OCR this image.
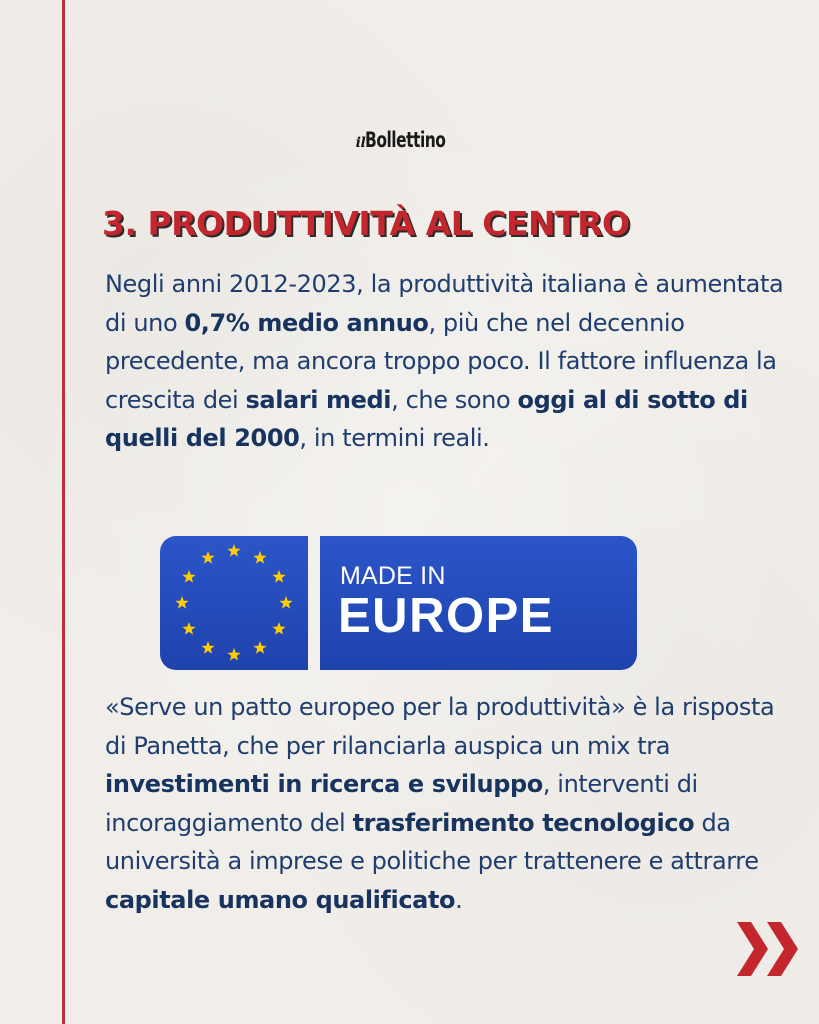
ilBollettino
3. PRODUTTIVITÀ AL CENTRO

Negli anni 2012-2023, la produttività italiana è aumentata di uno 0,7% medio annuo, più che nel decennio precedente, ma ancora troppo poco. Il fattore influenza la crescita dei salari medi, che sono oggi al di sotto di quelli del 2000, in termini reali.

MADE IN
EUROPE

«Serve un patto europeo per la produttività» è la risposta di Panetta, che per rilanciarla auspica un mix tra investimenti in ricerca e sviluppo, interventi di incoraggiamento del trasferimento tecnologico da università a imprese e politiche per trattenere e attrarre capitale umano qualificato.
